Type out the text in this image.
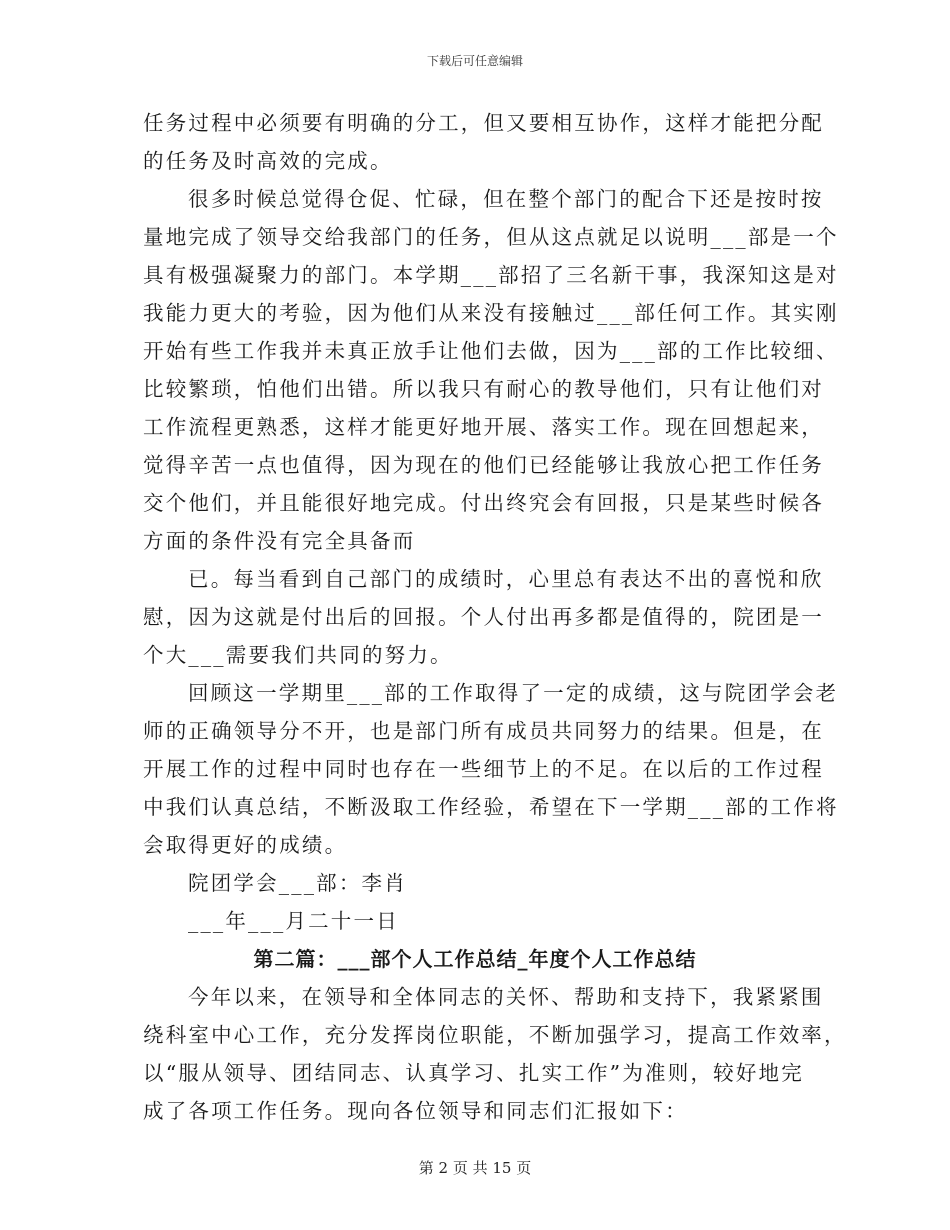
下载后可任意编辑
任务过程中必须要有明确的分工，但又要相互协作，这样才能把分配
的任务及时高效的完成。
很多时候总觉得仓促、忙碌，但在整个部门的配合下还是按时按
量地完成了领导交给我部门的任务，但从这点就足以说明___部是一个
具有极强凝聚力的部门。本学期___部招了三名新干事，我深知这是对
我能力更大的考验，因为他们从来没有接触过___部任何工作。其实刚
开始有些工作我并未真正放手让他们去做，因为___部的工作比较细、
比较繁琐，怕他们出错。所以我只有耐心的教导他们，只有让他们对
工作流程更熟悉，这样才能更好地开展、落实工作。现在回想起来，
觉得辛苦一点也值得，因为现在的他们已经能够让我放心把工作任务
交个他们，并且能很好地完成。付出终究会有回报，只是某些时候各
方面的条件没有完全具备而
已。每当看到自己部门的成绩时，心里总有表达不出的喜悦和欣
慰，因为这就是付出后的回报。个人付出再多都是值得的，院团是一
个大___需要我们共同的努力。
回顾这一学期里___部的工作取得了一定的成绩，这与院团学会老
师的正确领导分不开，也是部门所有成员共同努力的结果。但是，在
开展工作的过程中同时也存在一些细节上的不足。在以后的工作过程
中我们认真总结，不断汲取工作经验，希望在下一学期___部的工作将
会取得更好的成绩。
院团学会___部：李肖
___年___月二十一日
第二篇：___部个人工作总结_年度个人工作总结
今年以来，在领导和全体同志的关怀、帮助和支持下，我紧紧围
绕科室中心工作，充分发挥岗位职能，不断加强学习，提高工作效率，
以“服从领导、团结同志、认真学习、扎实工作”为准则，较好地完
成了各项工作任务。现向各位领导和同志们汇报如下：
第 2 页 共 15 页
